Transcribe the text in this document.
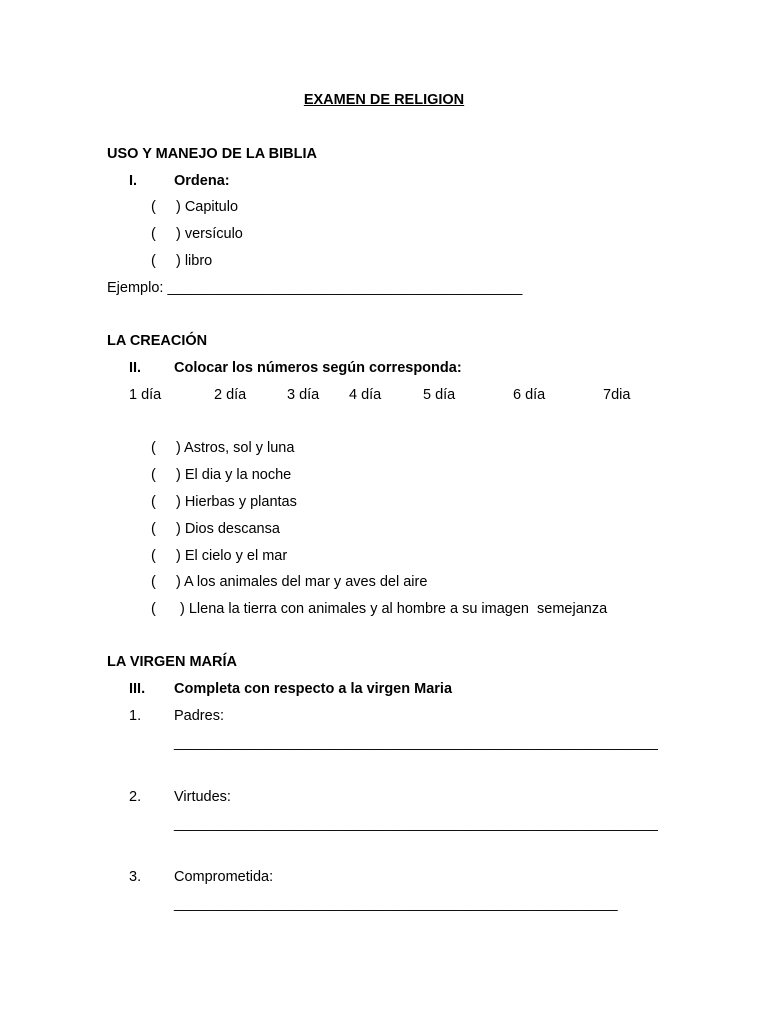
EXAMEN DE RELIGION
USO Y MANEJO DE LA BIBLIA
I.	Ordena:
(     ) Capitulo
(     ) versículo
(     ) libro
Ejemplo: ____________________________________________
LA CREACIÓN
II. Colocar los números según corresponda:
1 día	2 día	3 día 4 día	5 día	6 día	7dia
(     ) Astros, sol y luna
(     ) El dia y la noche
(     ) Hierbas y plantas
(     ) Dios descansa
(     ) El cielo y el mar
(     ) A los animales del mar y aves del aire
(      ) Llena la tierra con animales y al hombre a su imagen  semejanza
LA VIRGEN MARÍA
III. Completa con respecto a la virgen Maria
1. Padres:
____________________________________________________________
2. Virtudes:
____________________________________________________________
3. Comprometida:
_______________________________________________________
